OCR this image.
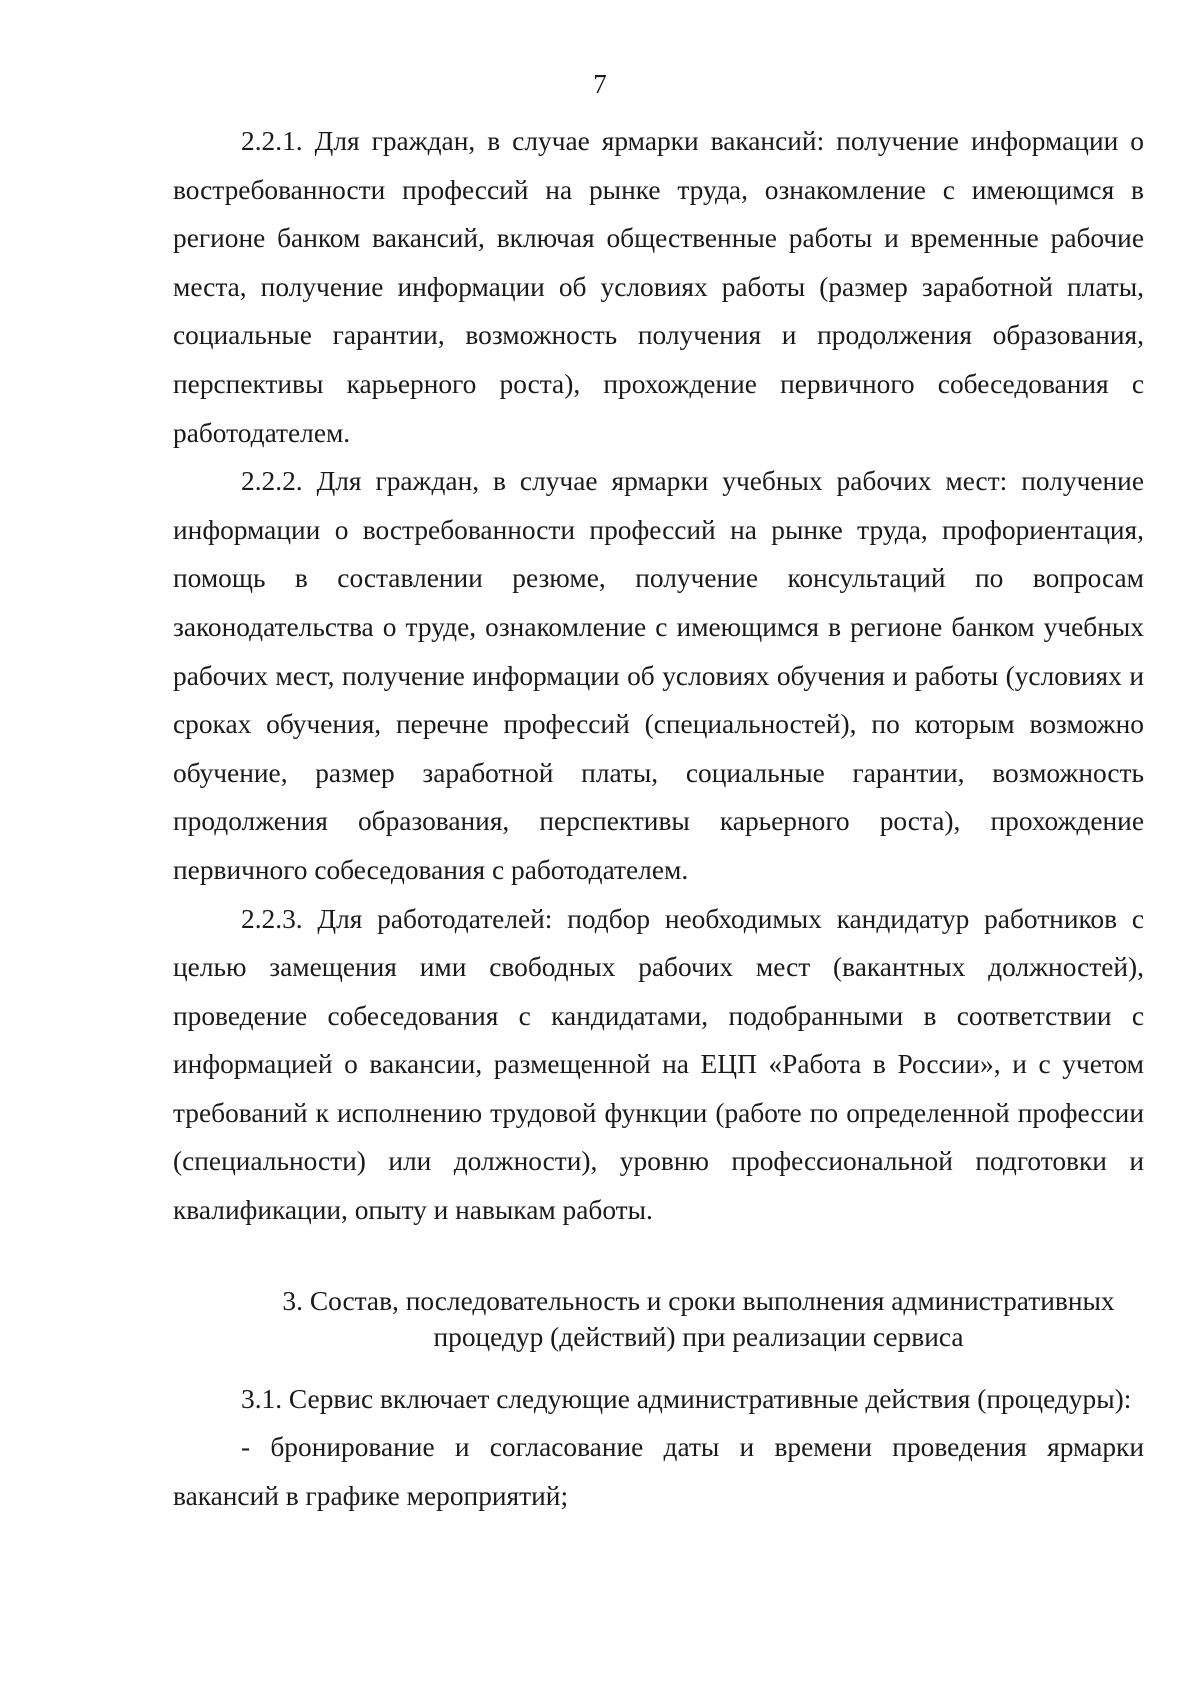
7

2.2.1. Для граждан, в случае ярмарки вакансий: получение информации о востребованности профессий на рынке труда, ознакомление с имеющимся в регионе банком вакансий, включая общественные работы и временные рабочие места, получение информации об условиях работы (размер заработной платы, социальные гарантии, возможность получения и продолжения образования, перспективы карьерного роста), прохождение первичного собеседования с работодателем.

2.2.2. Для граждан, в случае ярмарки учебных рабочих мест: получение информации о востребованности профессий на рынке труда, профориентация, помощь в составлении резюме, получение консультаций по вопросам законодательства о труде, ознакомление с имеющимся в регионе банком учебных рабочих мест, получение информации об условиях обучения и работы (условиях и сроках обучения, перечне профессий (специальностей), по которым возможно обучение, размер заработной платы, социальные гарантии, возможность продолжения образования, перспективы карьерного роста), прохождение первичного собеседования с работодателем.

2.2.3. Для работодателей: подбор необходимых кандидатур работников с целью замещения ими свободных рабочих мест (вакантных должностей), проведение собеседования с кандидатами, подобранными в соответствии с информацией о вакансии, размещенной на ЕЦП «Работа в России», и с учетом требований к исполнению трудовой функции (работе по определенной профессии (специальности) или должности), уровню профессиональной подготовки и квалификации, опыту и навыкам работы.

3. Состав, последовательность и сроки выполнения административных
процедур (действий) при реализации сервиса

3.1. Сервис включает следующие административные действия (процедуры):

- бронирование и согласование даты и времени проведения ярмарки вакансий в графике мероприятий;
